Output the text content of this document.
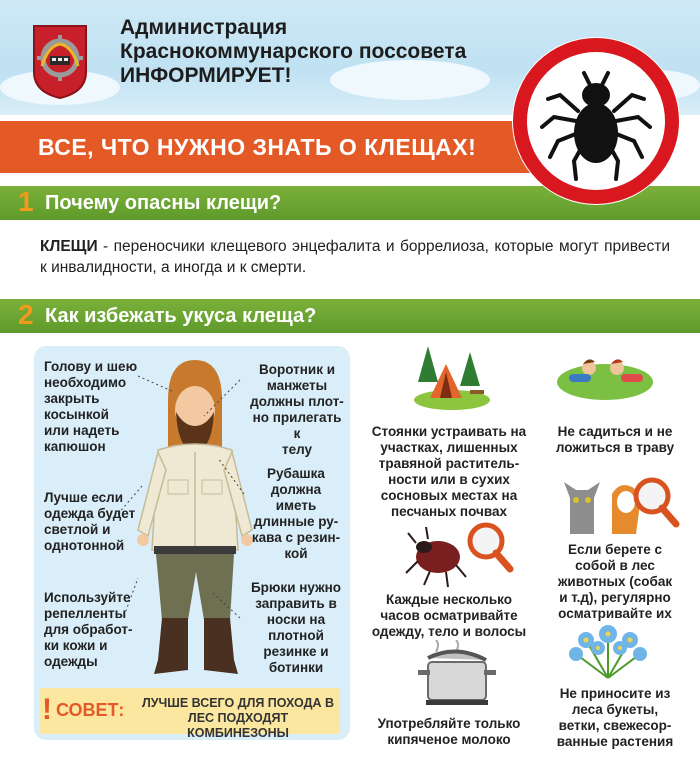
Администрация
Краснокоммунарского поссовета
ИНФОРМИРУЕТ!
ВСЕ, ЧТО НУЖНО ЗНАТЬ О КЛЕЩАХ!
1 Почему опасны клещи?
КЛЕЩИ - переносчики клещевого энцефалита и боррелиоза, которые могут привести к инвалидности, а иногда и к смерти.
2 Как избежать укуса клеща?
Голову и шею
необходимо
закрыть
косынкой
или надеть
капюшон
Воротник и
манжеты
должны плот-
но прилегать к
телу
Лучше если
одежда будет
светлой и
однотонной
Рубашка
должна иметь
длинные ру-
кава с резин-
кой
Используйте
репелленты
для обработ-
ки кожи и
одежды
Брюки нужно
заправить в
носки на
плотной
резинке и
ботинки
! СОВЕТ: ЛУЧШЕ ВСЕГО ДЛЯ ПОХОДА В ЛЕС ПОДХОДЯТ КОМБИНЕЗОНЫ
Стоянки устраивать на
участках, лишенных
травяной раститель-
ности или в сухих
сосновых местах на
песчаных почвах
Не садиться и не
ложиться в траву
Каждые несколько
часов осматривайте
одежду, тело и волосы
Если берете с
собой в лес
животных (собак
и т.д), регулярно
осматривайте их
Употребляйте только
кипяченое молоко
Не приносите из
леса букеты,
ветки, свежесор-
ванные растения
